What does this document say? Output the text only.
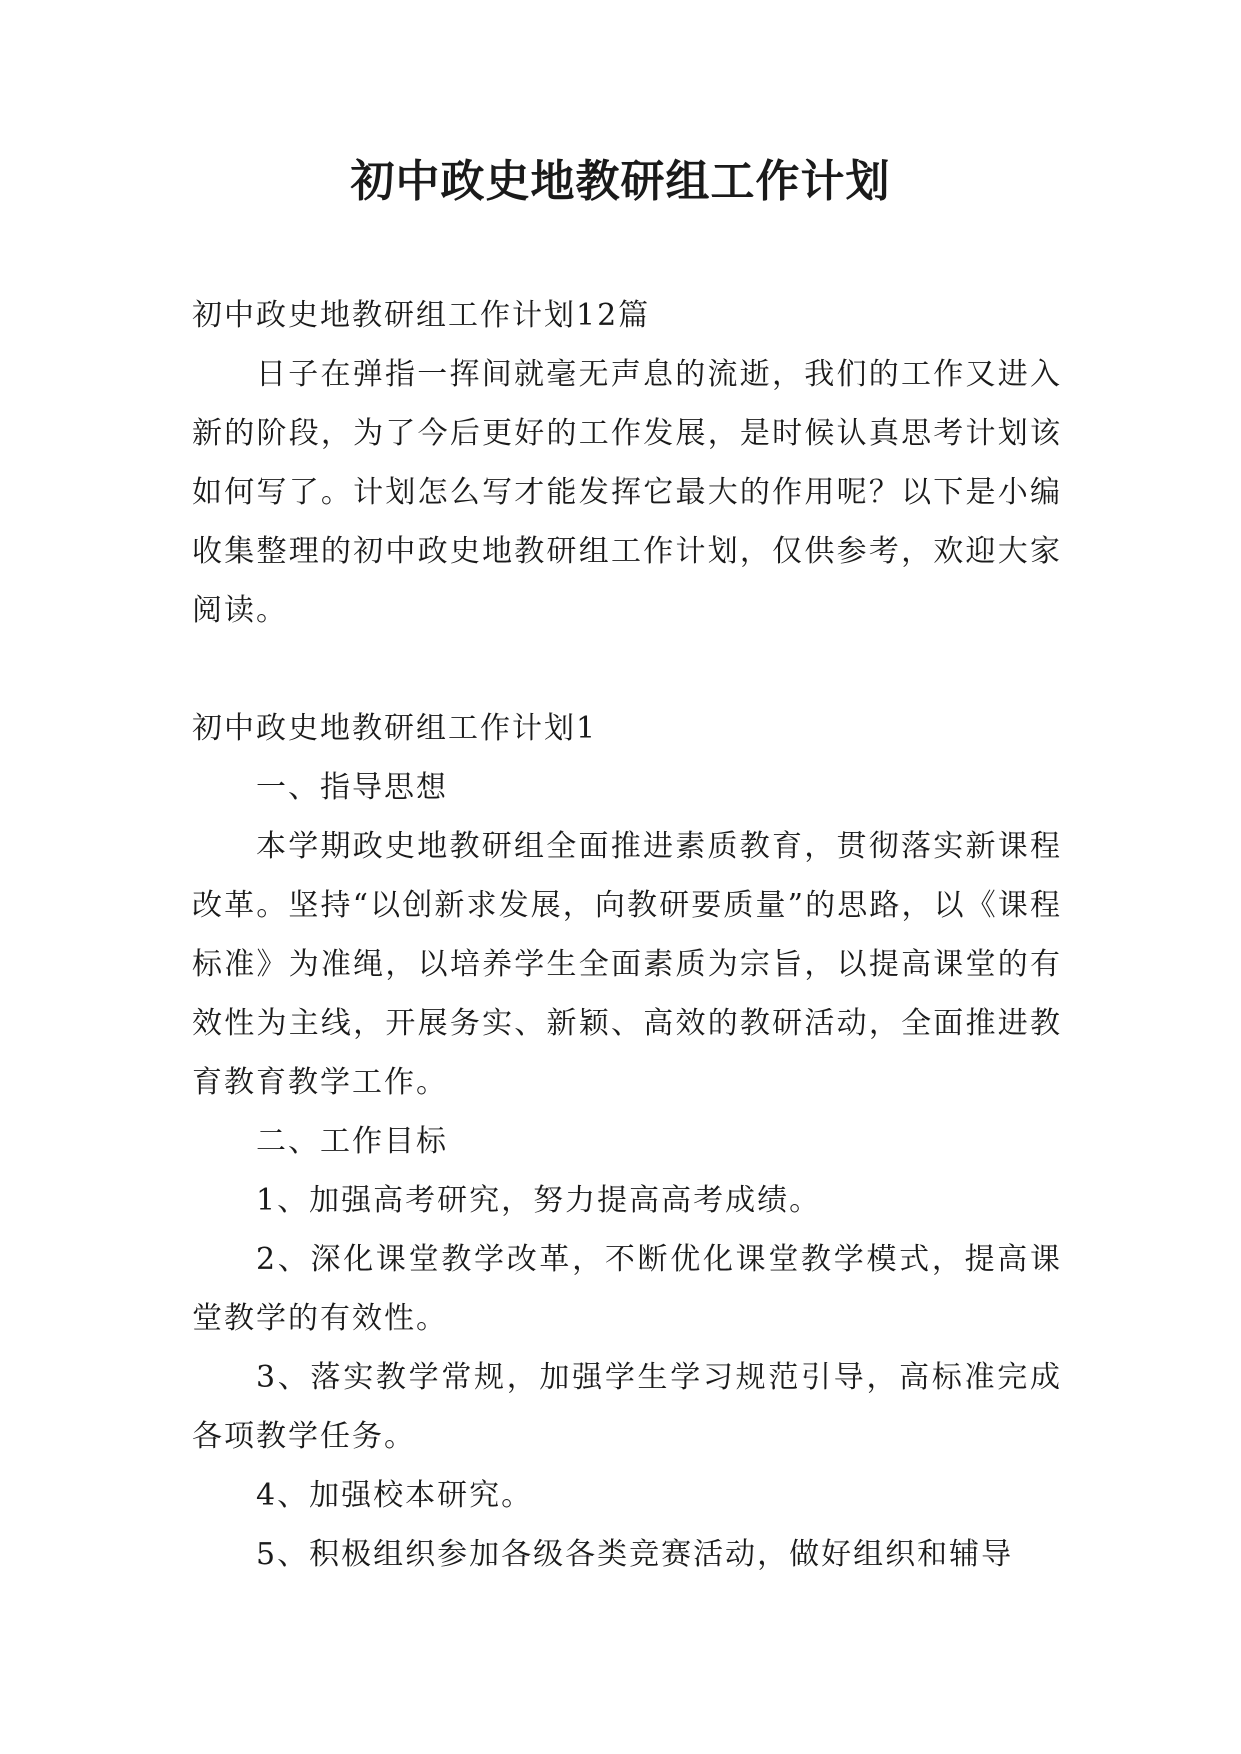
初中政史地教研组工作计划

初中政史地教研组工作计划12篇

日子在弹指一挥间就毫无声息的流逝，我们的工作又进入新的阶段，为了今后更好的工作发展，是时候认真思考计划该如何写了。计划怎么写才能发挥它最大的作用呢？以下是小编收集整理的初中政史地教研组工作计划，仅供参考，欢迎大家阅读。

初中政史地教研组工作计划1

一、指导思想

本学期政史地教研组全面推进素质教育，贯彻落实新课程改革。坚持“以创新求发展，向教研要质量”的思路，以《课程标准》为准绳，以培养学生全面素质为宗旨，以提高课堂的有效性为主线，开展务实、新颖、高效的教研活动，全面推进教育教育教学工作。

二、工作目标

1、加强高考研究，努力提高高考成绩。

2、深化课堂教学改革，不断优化课堂教学模式，提高课堂教学的有效性。

3、落实教学常规，加强学生学习规范引导，高标准完成各项教学任务。

4、加强校本研究。

5、积极组织参加各级各类竞赛活动，做好组织和辅导
